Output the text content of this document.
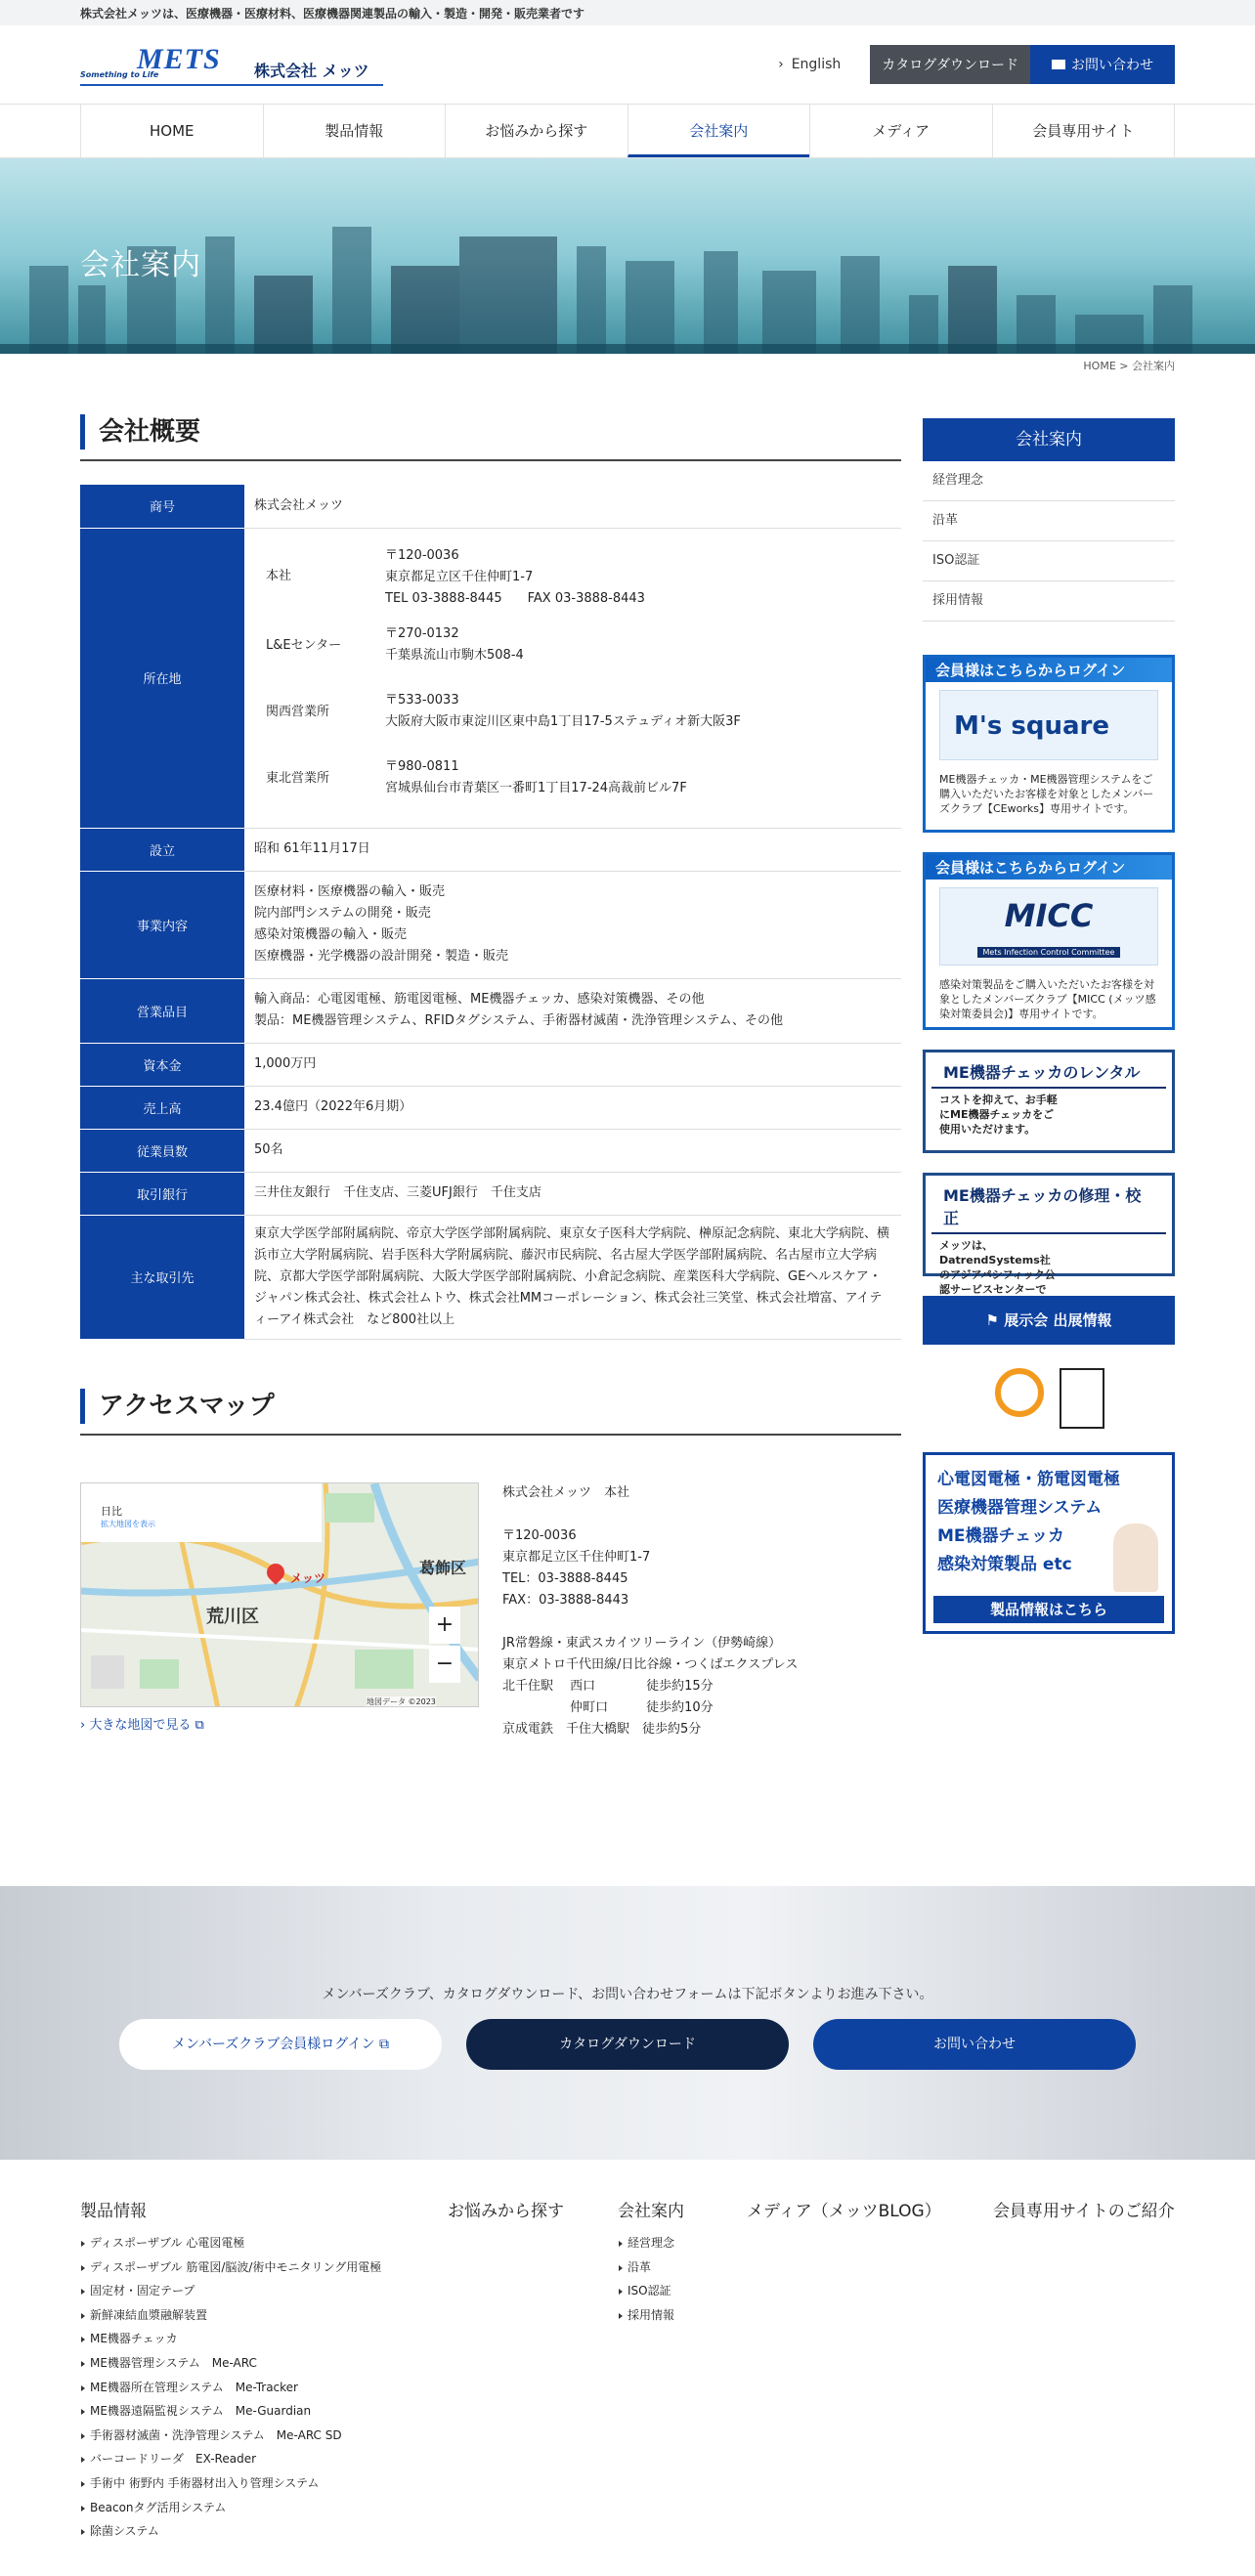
株式会社メッツは、医療機器・医療材料、医療機器関連製品の輸入・製造・開発・販売業者です
Something to Life
METS 株式会社 メッツ
›	English	カタログダウンロード	お問い合わせ
HOME	製品情報	お悩みから探す	会社案内	メディア	会員専用サイト
会社案内
HOME > 会社案内
会社概要
商号	株式会社メッツ
所在地	
本社
〒120-0036
東京都足立区千住仲町1-7
TEL 03-3888-8445　　FAX 03-3888-8443

L&Eセンター
〒270-0132
千葉県流山市駒木508-4

関西営業所
〒533-0033
大阪府大阪市東淀川区東中島1丁目17-5ステュディオ新大阪3F

東北営業所
〒980-0811
宮城県仙台市青葉区一番町1丁目17-24高裁前ビル7F

設立	昭和 61年11月17日
事業内容	
医療材料・医療機器の輸入・販売
院内部門システムの開発・販売
感染対策機器の輸入・販売
医療機器・光学機器の設計開発・製造・販売

営業品目	
輸入商品：心電図電極、筋電図電極、ME機器チェッカ、感染対策機器、その他
製品：ME機器管理システム、RFIDタグシステム、手術器材滅菌・洗浄管理システム、その他

資本金	1,000万円
売上高	23.4億円（2022年6月期）
従業員数	50名
取引銀行	三井住友銀行　千住支店、三菱UFJ銀行　千住支店
主な取引先	東京大学医学部附属病院、帝京大学医学部附属病院、東京女子医科大学病院、榊原記念病院、東北大学病院、横浜市立大学附属病院、岩手医科大学附属病院、藤沢市民病院、名古屋大学医学部附属病院、名古屋市立大学病院、京都大学医学部附属病院、大阪大学医学部附属病院、小倉記念病院、産業医科大学病院、GEヘルスケア・ジャパン株式会社、株式会社ムトウ、株式会社MMコーポレーション、株式会社三笑堂、株式会社増富、アイティーアイ株式会社　など800社以上
アクセスマップ
日比
拡大地図を表示
メッツ
荒川区
葛飾区
+
−
地図データ ©2023
› 大きな地図で見る ⧉
株式会社メッツ　本社
〒120-0036
東京都足立区千住仲町1-7
TEL：03-3888-8445
FAX：03-3888-8443
JR常磐線・東武スカイツリーライン（伊勢崎線）
東京メトロ千代田線/日比谷線・つくばエクスプレス
北千住駅　 西口　　　　徒歩約15分
　　　　　 仲町口　　　徒歩約10分
京成電鉄　千住大橋駅　徒歩約5分
会社案内
経営理念
沿革
ISO認証
採用情報
会員様はこちらからログイン
M's square
ME機器チェッカ・ME機器管理システムをご購入いただいたお客様を対象としたメンバーズクラブ【CEworks】専用サイトです。
会員様はこちらからログイン
MICC
Mets Infection Control Committee
感染対策製品をご購入いただいたお客様を対象としたメンバーズクラブ【MICC (メッツ感染対策委員会)】専用サイトです。
ME機器チェッカのレンタル
コストを抑えて、お手軽にME機器チェッカをご使用いただけます。
ME機器チェッカの修理・校正
メッツは、DatrendSystems社のアジアパシフィック公認サービスセンターで
⚑ 展示会 出展情報
心電図電極・筋電図電極
医療機器管理システム
ME機器チェッカ
感染対策製品 etc
製品情報はこちら
メンバーズクラブ、カタログダウンロード、お問い合わせフォームは下記ボタンよりお進み下さい。
メンバーズクラブ会員様ログイン ⧉	カタログダウンロード	お問い合わせ
製品情報
ディスポーザブル 心電図電極
ディスポーザブル 筋電図/脳波/術中モニタリング用電極
固定材・固定テープ
新鮮凍結血漿融解装置
ME機器チェッカ
ME機器管理システム　Me-ARC
ME機器所在管理システム　Me-Tracker
ME機器遠隔監視システム　Me-Guardian
手術器材滅菌・洗浄管理システム　Me-ARC SD
バーコードリーダ　EX-Reader
手術中 術野内 手術器材出入り管理システム
Beaconタグ活用システム
除菌システム
お悩みから探す	会社案内
経営理念
沿革
ISO認証
採用情報
メディア（メッツBLOG）	会員専用サイトのご紹介
